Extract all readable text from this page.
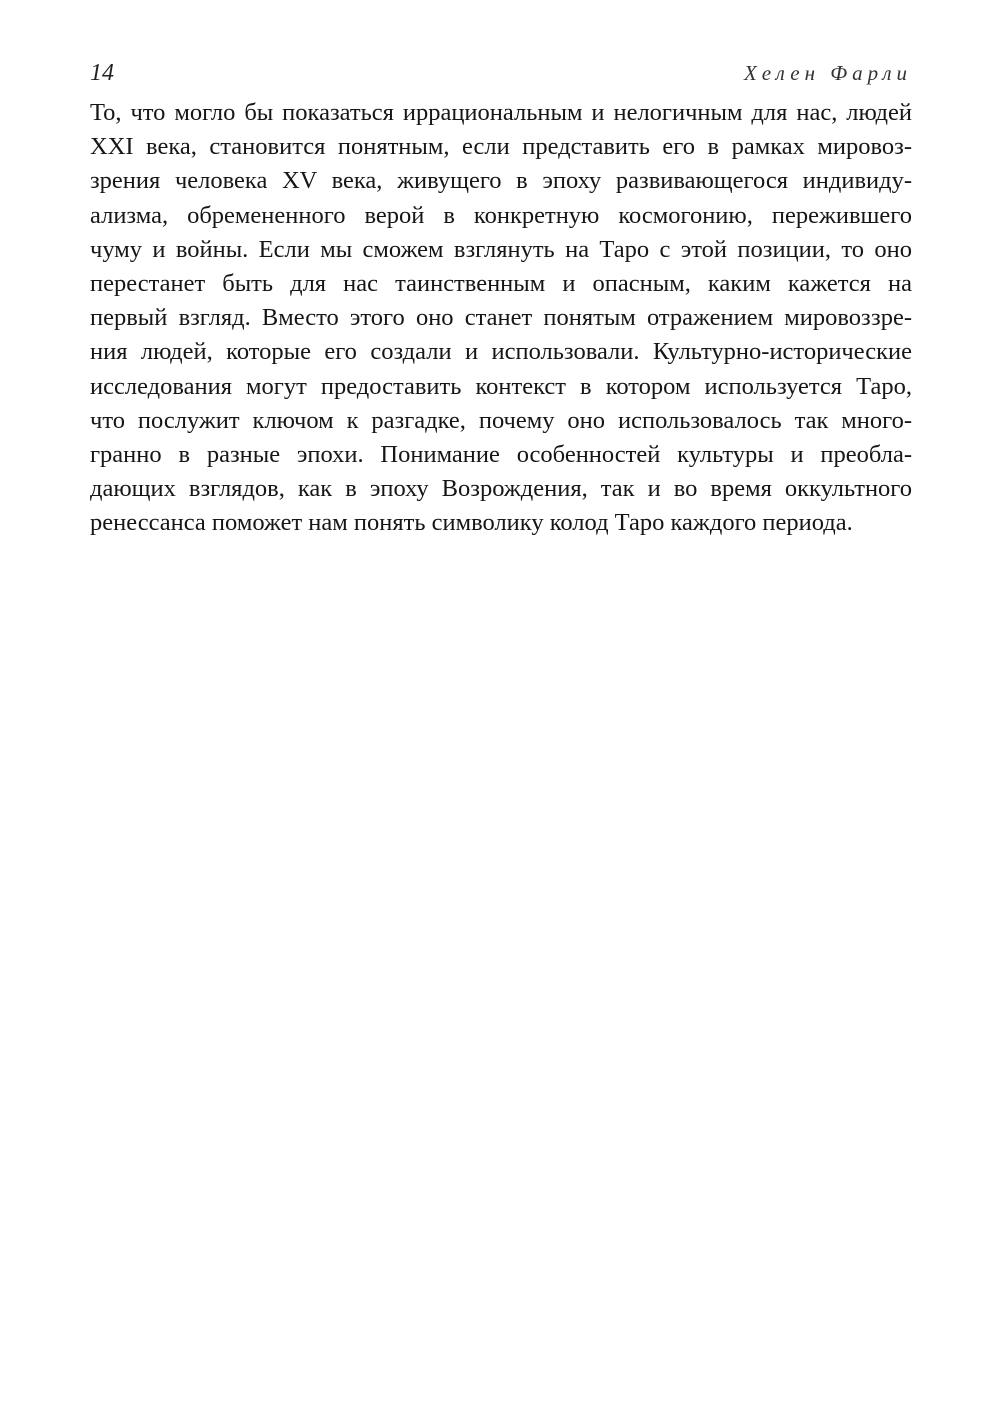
14	Хелен Фарли

То, что могло бы показаться иррациональным и нелогичным для нас, людей
XXI века, становится понятным, если представить его в рамках мировоз-
зрения человека XV века, живущего в эпоху развивающегося индивиду-
ализма, обремененного верой в конкретную космогонию, пережившего
чуму и войны. Если мы сможем взглянуть на Таро с этой позиции, то оно
перестанет быть для нас таинственным и опасным, каким кажется на
первый взгляд. Вместо этого оно станет понятым отражением мировоззре-
ния людей, которые его создали и использовали. Культурно-исторические
исследования могут предоставить контекст в котором используется Таро,
что послужит ключом к разгадке, почему оно использовалось так много-
гранно в разные эпохи. Понимание особенностей культуры и преобла-
дающих взглядов, как в эпоху Возрождения, так и во время оккультного
ренессанса поможет нам понять символику колод Таро каждого периода.
